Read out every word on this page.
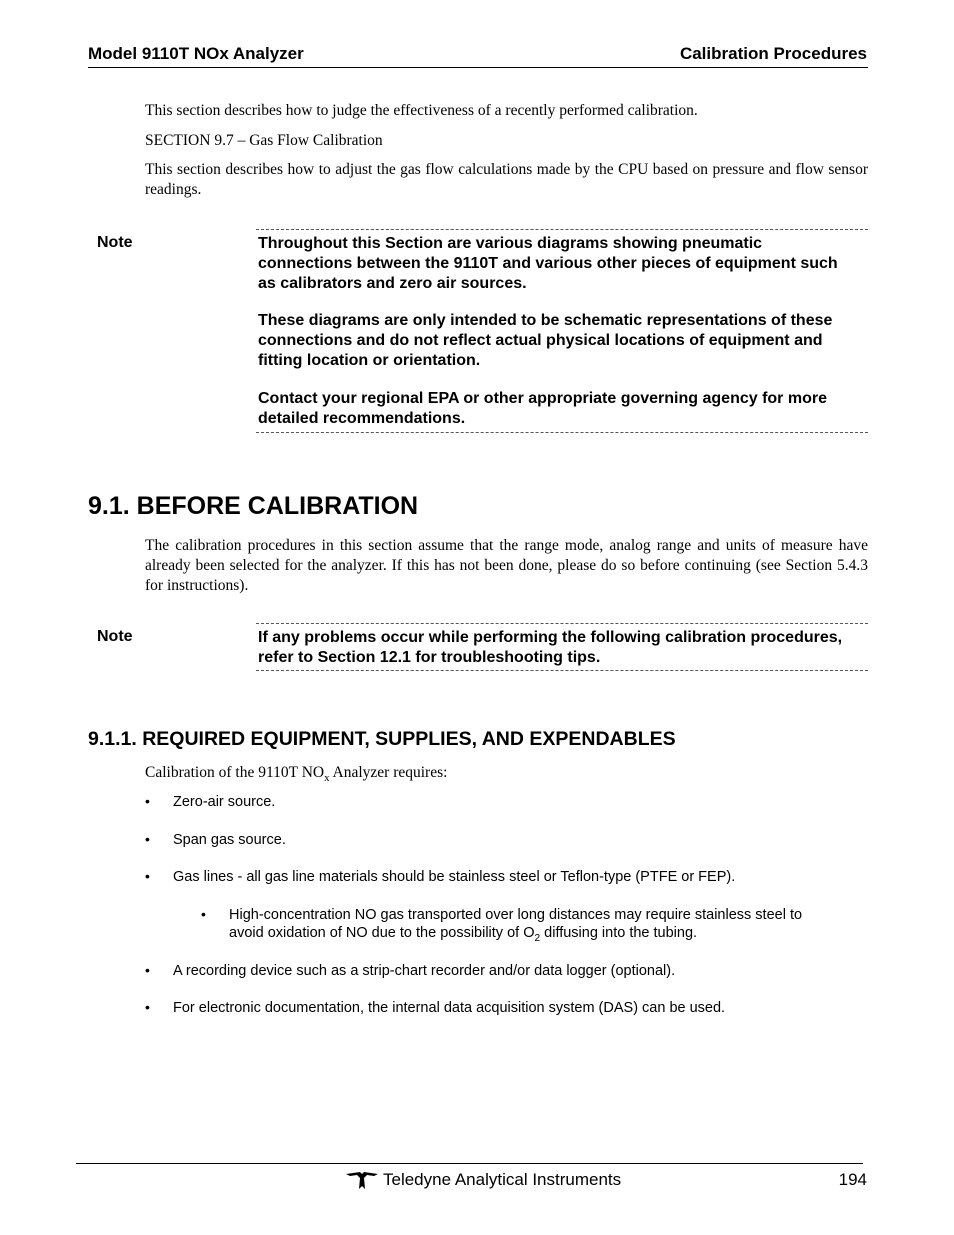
Model 9110T NOx Analyzer	Calibration Procedures
This section describes how to judge the effectiveness of a recently performed calibration.
SECTION 9.7 – Gas Flow Calibration
This section describes how to adjust the gas flow calculations made by the CPU based on pressure and flow sensor readings.
Note	Throughout this Section are various diagrams showing pneumatic connections between the 9110T and various other pieces of equipment such as calibrators and zero air sources.
These diagrams are only intended to be schematic representations of these connections and do not reflect actual physical locations of equipment and fitting location or orientation.
Contact your regional EPA or other appropriate governing agency for more detailed recommendations.
9.1. BEFORE CALIBRATION
The calibration procedures in this section assume that the range mode, analog range and units of measure have already been selected for the analyzer. If this has not been done, please do so before continuing (see Section 5.4.3 for instructions).
Note	If any problems occur while performing the following calibration procedures, refer to Section 12.1 for troubleshooting tips.
9.1.1. REQUIRED EQUIPMENT, SUPPLIES, AND EXPENDABLES
Calibration of the 9110T $NO_x$ Analyzer requires:
• Zero-air source.
• Span gas source.
• Gas lines - all gas line materials should be stainless steel or Teflon-type (PTFE or FEP).
• High-concentration NO gas transported over long distances may require stainless steel to
avoid oxidation of NO due to the possibility of $O_2$ diffusing into the tubing.
• A recording device such as a strip-chart recorder and/or data logger (optional).
• For electronic documentation, the internal data acquisition system (DAS) can be used.
Teledyne Analytical Instruments	194
